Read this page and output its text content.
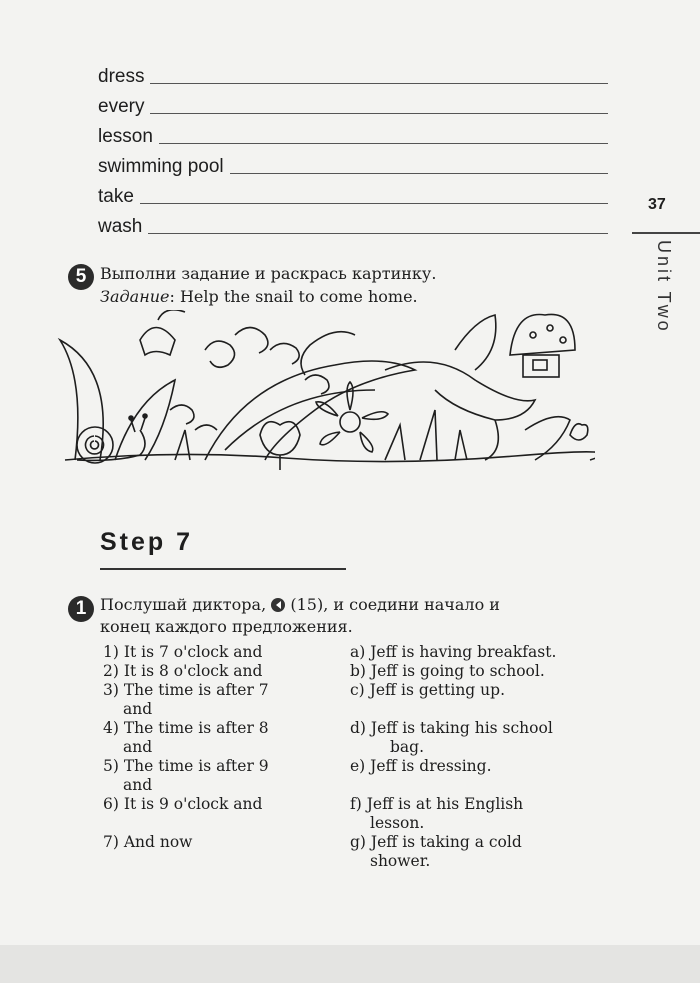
dress
every
lesson
swimming pool
take
wash
37
Unit Two
5 Выполни задание и раскрась картинку.
Задание: Help the snail to come home.
Step 7
1 Послушай диктора, (15), и соедини начало и
конец каждого предложения.
1) It is 7 o'clock and	a) Jeff is having breakfast.
2) It is 8 o'clock and	b) Jeff is going to school.
3) The time is after 7	c) Jeff is getting up.
and
4) The time is after 8	d) Jeff is taking his school
and	bag.
5) The time is after 9	e) Jeff is dressing.
and
6) It is 9 o'clock and	f) Jeff is at his English
lesson.
7) And now	g) Jeff is taking a cold
shower.
